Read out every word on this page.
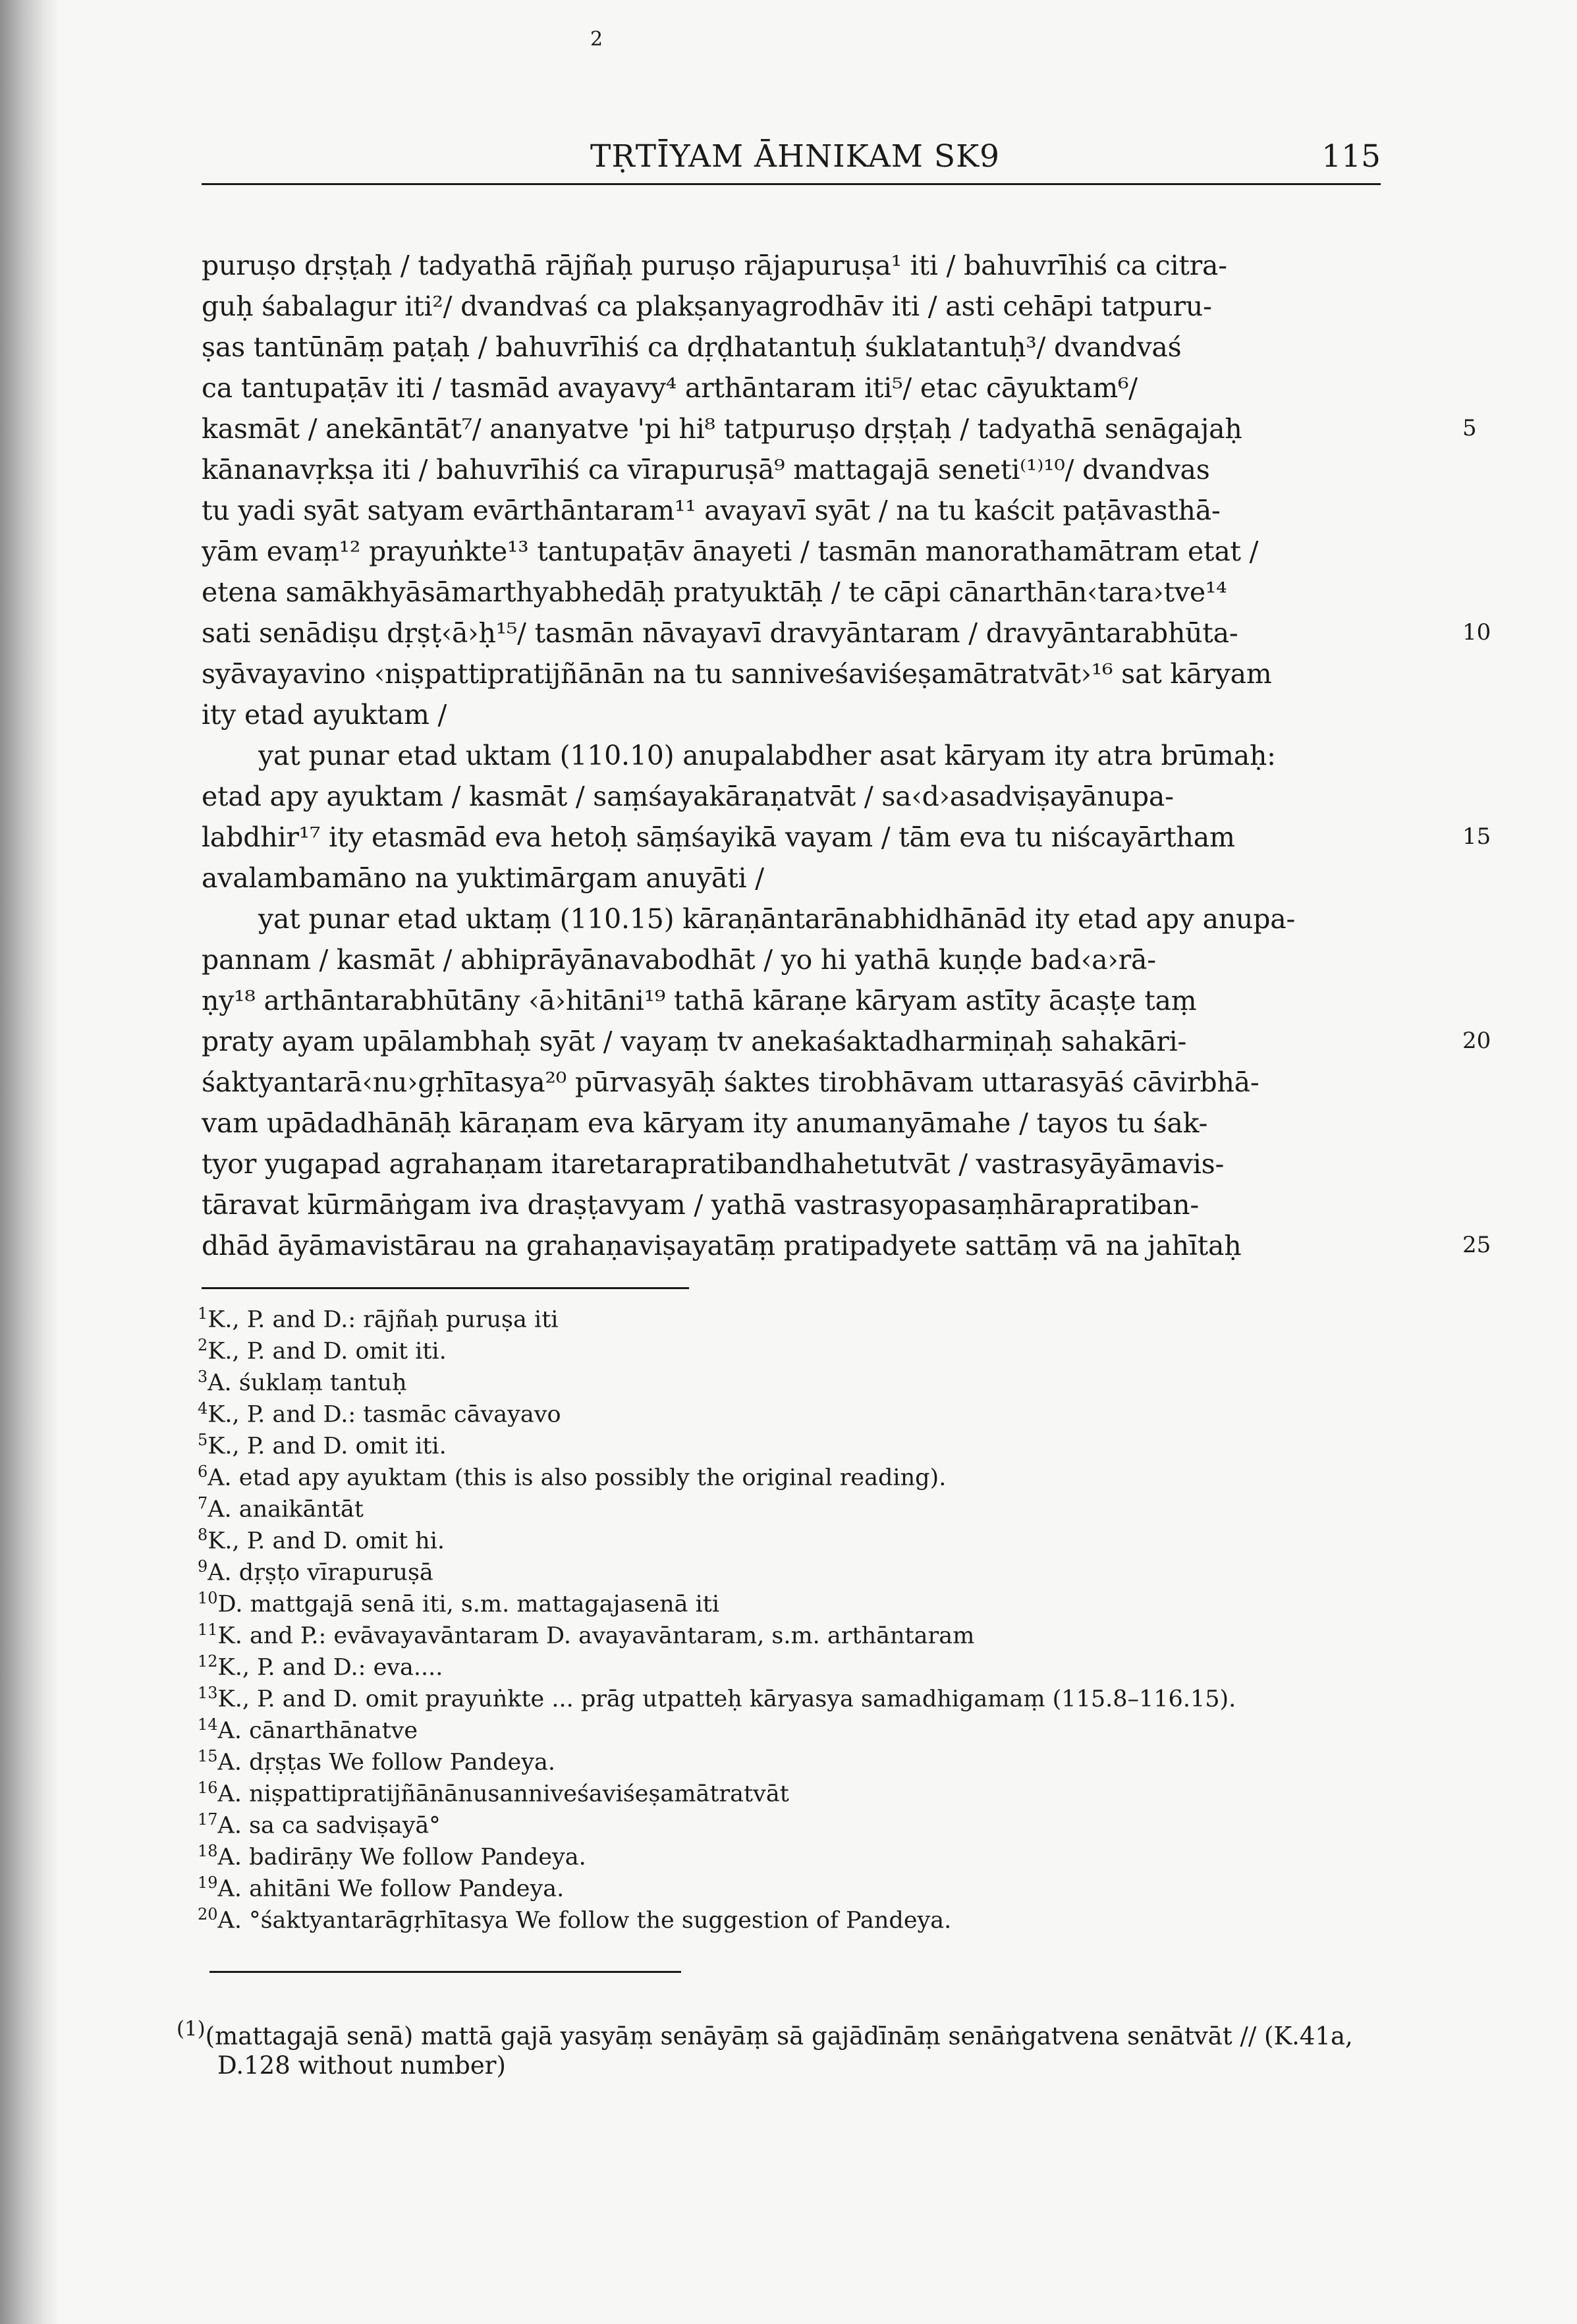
2
TṚTĪYAM ĀHNIKAM SK9	115
puruṣo dṛṣṭaḥ / tadyathā rājñaḥ puruṣo rājapuruṣa¹ iti / bahuvrīhiś ca citra-
guḥ śabalagur iti²/ dvandvaś ca plakṣanyagrodhāv iti / asti cehāpi tatpuru-
ṣas tantūnāṃ paṭaḥ / bahuvrīhiś ca dṛḍhatantuḥ śuklatantuḥ³/ dvandvaś
ca tantupaṭāv iti / tasmād avayavy⁴ arthāntaram iti⁵/ etac cāyuktam⁶/
kasmāt / anekāntāt⁷/ ananyatve 'pi hi⁸ tatpuruṣo dṛṣṭaḥ / tadyathā senāgajaḥ
kānanavṛkṣa iti / bahuvrīhiś ca vīrapuruṣā⁹ mattagajā seneti⁽¹⁾¹⁰/ dvandvas
tu yadi syāt satyam evārthāntaram¹¹ avayavī syāt / na tu kaścit paṭāvasthā-
yām evaṃ¹² prayuṅkte¹³ tantupaṭāv ānayeti / tasmān manorathamātram etat /
etena samākhyāsāmarthyabhedāḥ pratyuktāḥ / te cāpi cānarthān‹tara›tve¹⁴
sati senādiṣu dṛṣṭ‹ā›ḥ¹⁵/ tasmān nāvayavī dravyāntaram / dravyāntarabhūta-
syāvayavino ‹niṣpattipratijñānān na tu sanniveśaviśeṣamātratvāt›¹⁶ sat kāryam
ity etad ayuktam /
yat punar etad uktam (110.10) anupalabdher asat kāryam ity atra brūmaḥ:
etad apy ayuktam / kasmāt / saṃśayakāraṇatvāt / sa‹d›asadviṣayānupa-
labdhir¹⁷ ity etasmād eva hetoḥ sāṃśayikā vayam / tām eva tu niścayārtham
avalambamāno na yuktimārgam anuyāti /
yat punar etad uktaṃ (110.15) kāraṇāntarānabhidhānād ity etad apy anupa-
pannam / kasmāt / abhiprāyānavabodhāt / yo hi yathā kuṇḍe bad‹a›rā-
ṇy¹⁸ arthāntarabhūtāny ‹ā›hitāni¹⁹ tathā kāraṇe kāryam astīty ācaṣṭe taṃ
praty ayam upālambhaḥ syāt / vayaṃ tv anekaśaktadharmiṇaḥ sahakāri-
śaktyantarā‹nu›gṛhītasya²⁰ pūrvasyāḥ śaktes tirobhāvam uttarasyāś cāvirbhā-
vam upādadhānāḥ kāraṇam eva kāryam ity anumanyāmahe / tayos tu śak-
tyor yugapad agrahaṇam itaretarapratibandhahetutvāt / vastrasyāyāmavis-
tāravat kūrmāṅgam iva draṣṭavyam / yathā vastrasyopasaṃhārapratiban-
dhād āyāmavistārau na grahaṇaviṣayatāṃ pratipadyete sattāṃ vā na jahītaḥ
5
10
15
20
25
$^1$K., P. and D.: rājñaḥ puruṣa iti
$^2$K., P. and D. omit iti.
$^3$A. śuklaṃ tantuḥ
$^4$K., P. and D.: tasmāc cāvayavo
$^5$K., P. and D. omit iti.
$^6$A. etad apy ayuktam (this is also possibly the original reading).
$^7$A. anaikāntāt
$^8$K., P. and D. omit hi.
$^9$A. dṛṣṭo vīrapuruṣā
$^{10}$D. mattgajā senā iti, s.m. mattagajasenā iti
$^{11}$K. and P.: evāvayavāntaram D. avayavāntaram, s.m. arthāntaram
$^{12}$K., P. and D.: eva....
$^{13}$K., P. and D. omit prayuṅkte ... prāg utpatteḥ kāryasya samadhigamaṃ (115.8–116.15).
$^{14}$A. cānarthānatve
$^{15}$A. dṛṣṭas We follow Pandeya.
$^{16}$A. niṣpattipratijñānānusanniveśaviśeṣamātratvāt
$^{17}$A. sa ca sadviṣayā°
$^{18}$A. badirāṇy We follow Pandeya.
$^{19}$A. ahitāni We follow Pandeya.
$^{20}$A. °śaktyantarāgṛhītasya We follow the suggestion of Pandeya.
$^{(1)}$(mattagajā senā) mattā gajā yasyāṃ senāyāṃ sā gajādīnāṃ senāṅgatvena senātvāt // (K.41a,
D.128 without number)
